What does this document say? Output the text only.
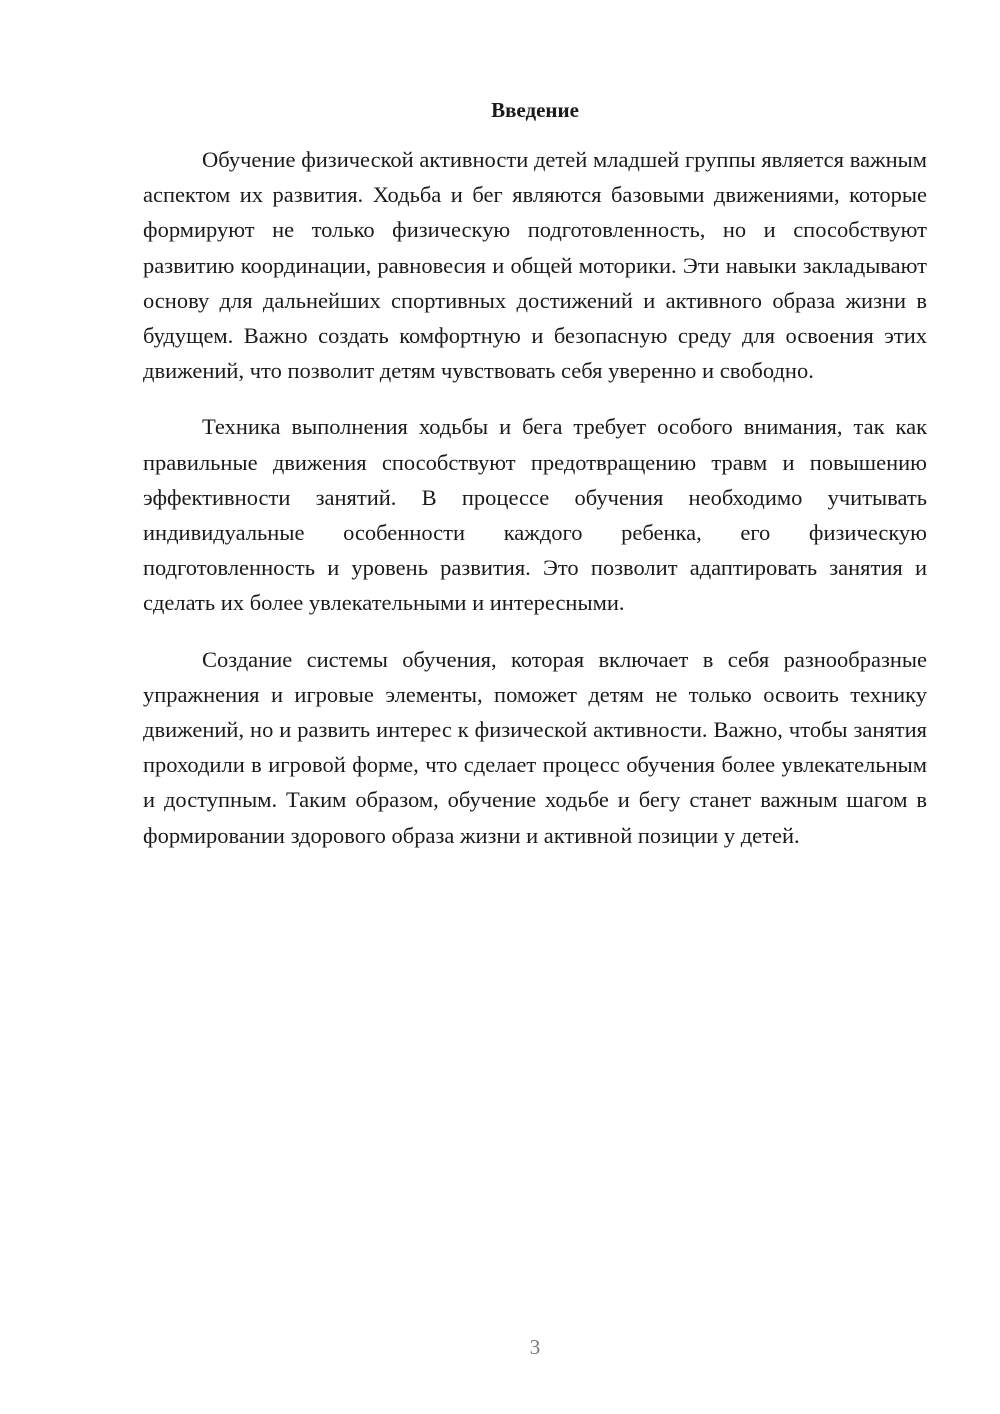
Введение

Обучение физической активности детей младшей группы является важным аспектом их развития. Ходьба и бег являются базовыми движениями, которые формируют не только физическую подготовленность, но и способствуют развитию координации, равновесия и общей моторики. Эти навыки закладывают основу для дальнейших спортивных достижений и активного образа жизни в будущем. Важно создать комфортную и безопасную среду для освоения этих движений, что позволит детям чувствовать себя уверенно и свободно.

Техника выполнения ходьбы и бега требует особого внимания, так как правильные движения способствуют предотвращению травм и повышению эффективности занятий. В процессе обучения необходимо учитывать индивидуальные особенности каждого ребенка, его физическую подготовленность и уровень развития. Это позволит адаптировать занятия и сделать их более увлекательными и интересными.

Создание системы обучения, которая включает в себя разнообразные упражнения и игровые элементы, поможет детям не только освоить технику движений, но и развить интерес к физической активности. Важно, чтобы занятия проходили в игровой форме, что сделает процесс обучения более увлекательным и доступным. Таким образом, обучение ходьбе и бегу станет важным шагом в формировании здорового образа жизни и активной позиции у детей.

3
